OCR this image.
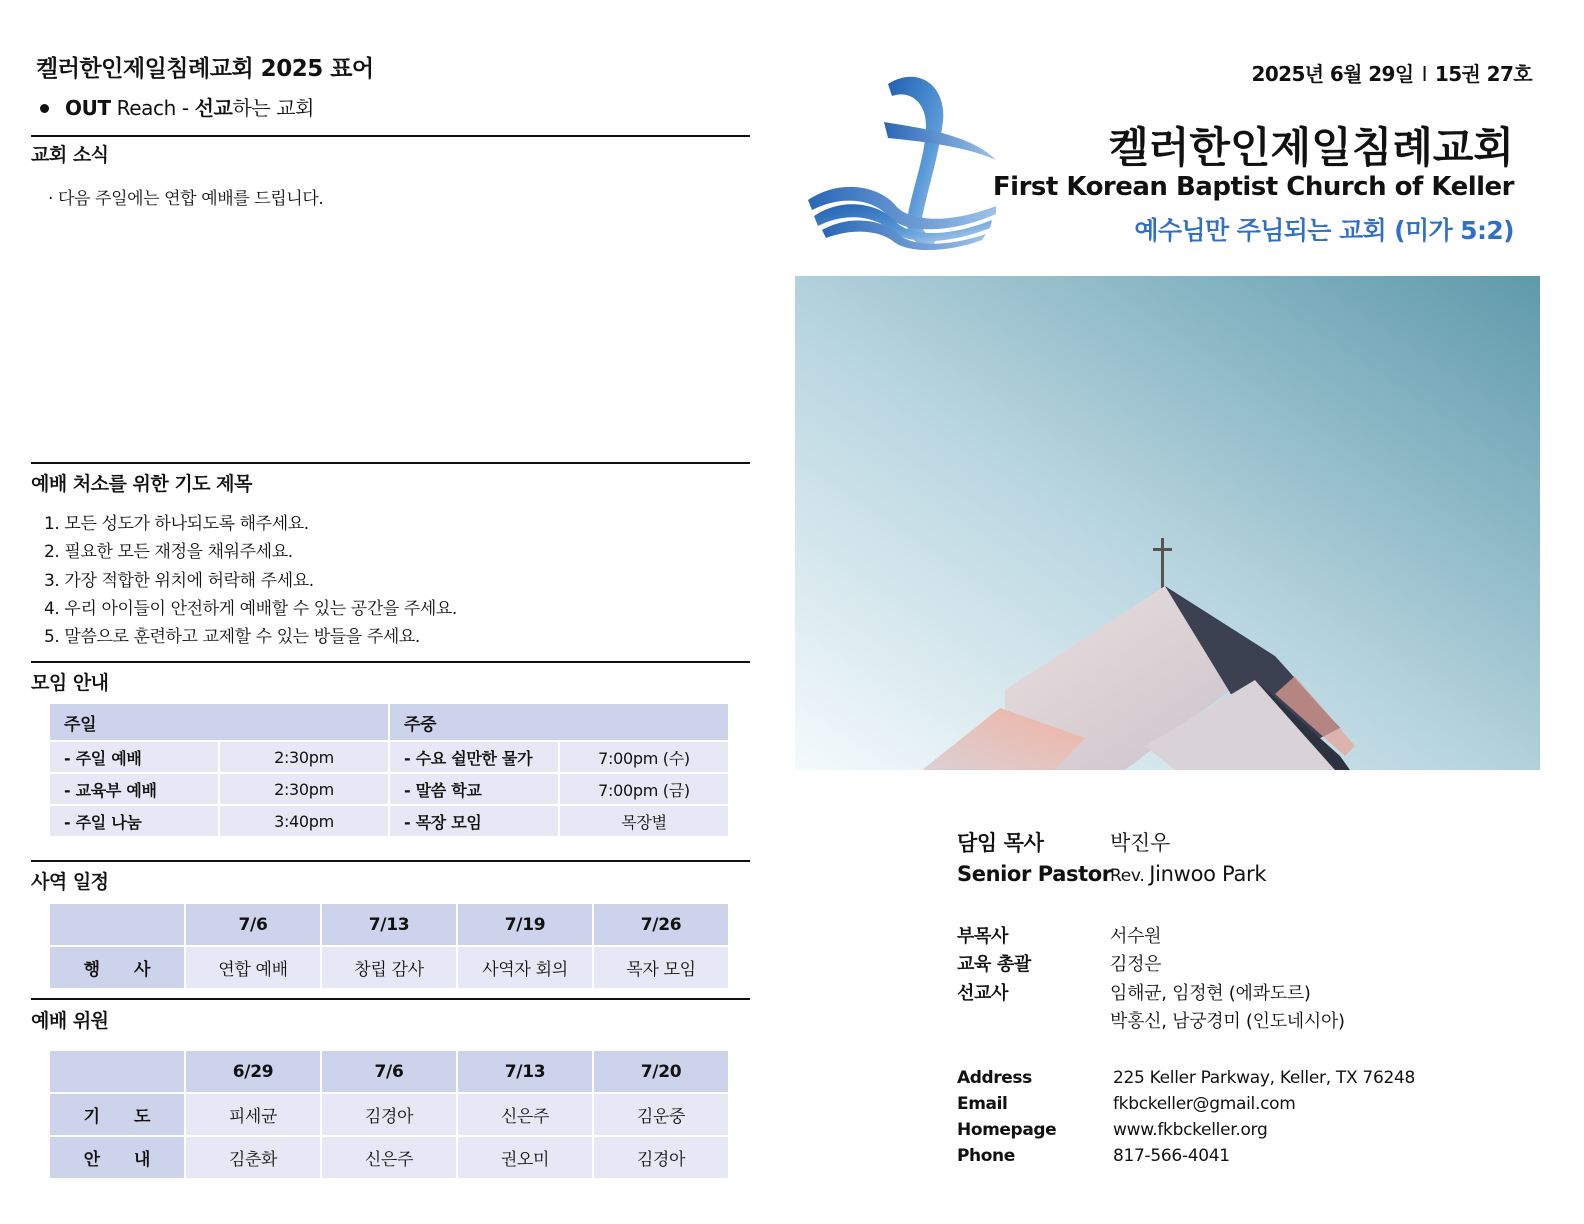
켈러한인제일침례교회 2025 표어
OUT Reach - 선교하는 교회
교회 소식
· 다음 주일에는 연합 예배를 드립니다.
예배 처소를 위한 기도 제목
1. 모든 성도가 하나되도록 해주세요.
2. 필요한 모든 재정을 채워주세요.
3. 가장 적합한 위치에 허락해 주세요.
4. 우리 아이들이 안전하게 예배할 수 있는 공간을 주세요.
5. 말씀으로 훈련하고 교제할 수 있는 방들을 주세요.
모임 안내
주일		주중	
- 주일 예배	2:30pm	- 수요 쉴만한 물가	7:00pm (수)
- 교육부 예배	2:30pm	- 말씀 학교	7:00pm (금)
- 주일 나눔	3:40pm	- 목장 모임	목장별
사역 일정
	7/6	7/13	7/19	7/26
행 사	연합 예배	창립 감사	사역자 회의	목자 모임
예배 위원
	6/29	7/6	7/13	7/20
기 도	피세균	김경아	신은주	김운중
안 내	김춘화	신은주	권오미	김경아
2025년 6월 29일 I 15권 27호
켈러한인제일침례교회
First Korean Baptist Church of Keller
예수님만 주님되는 교회 (미가 5:2)
담임 목사	박진우
Senior Pastor
Rev. Jinwoo Park
부목사	서수원
교육 총괄	김정은
선교사	임해균, 임정현 (에콰도르)
박홍신, 남궁경미 (인도네시아)
Address	225 Keller Parkway, Keller, TX 76248
Email	fkbckeller@gmail.com
Homepage	www.fkbckeller.org
Phone	817-566-4041
